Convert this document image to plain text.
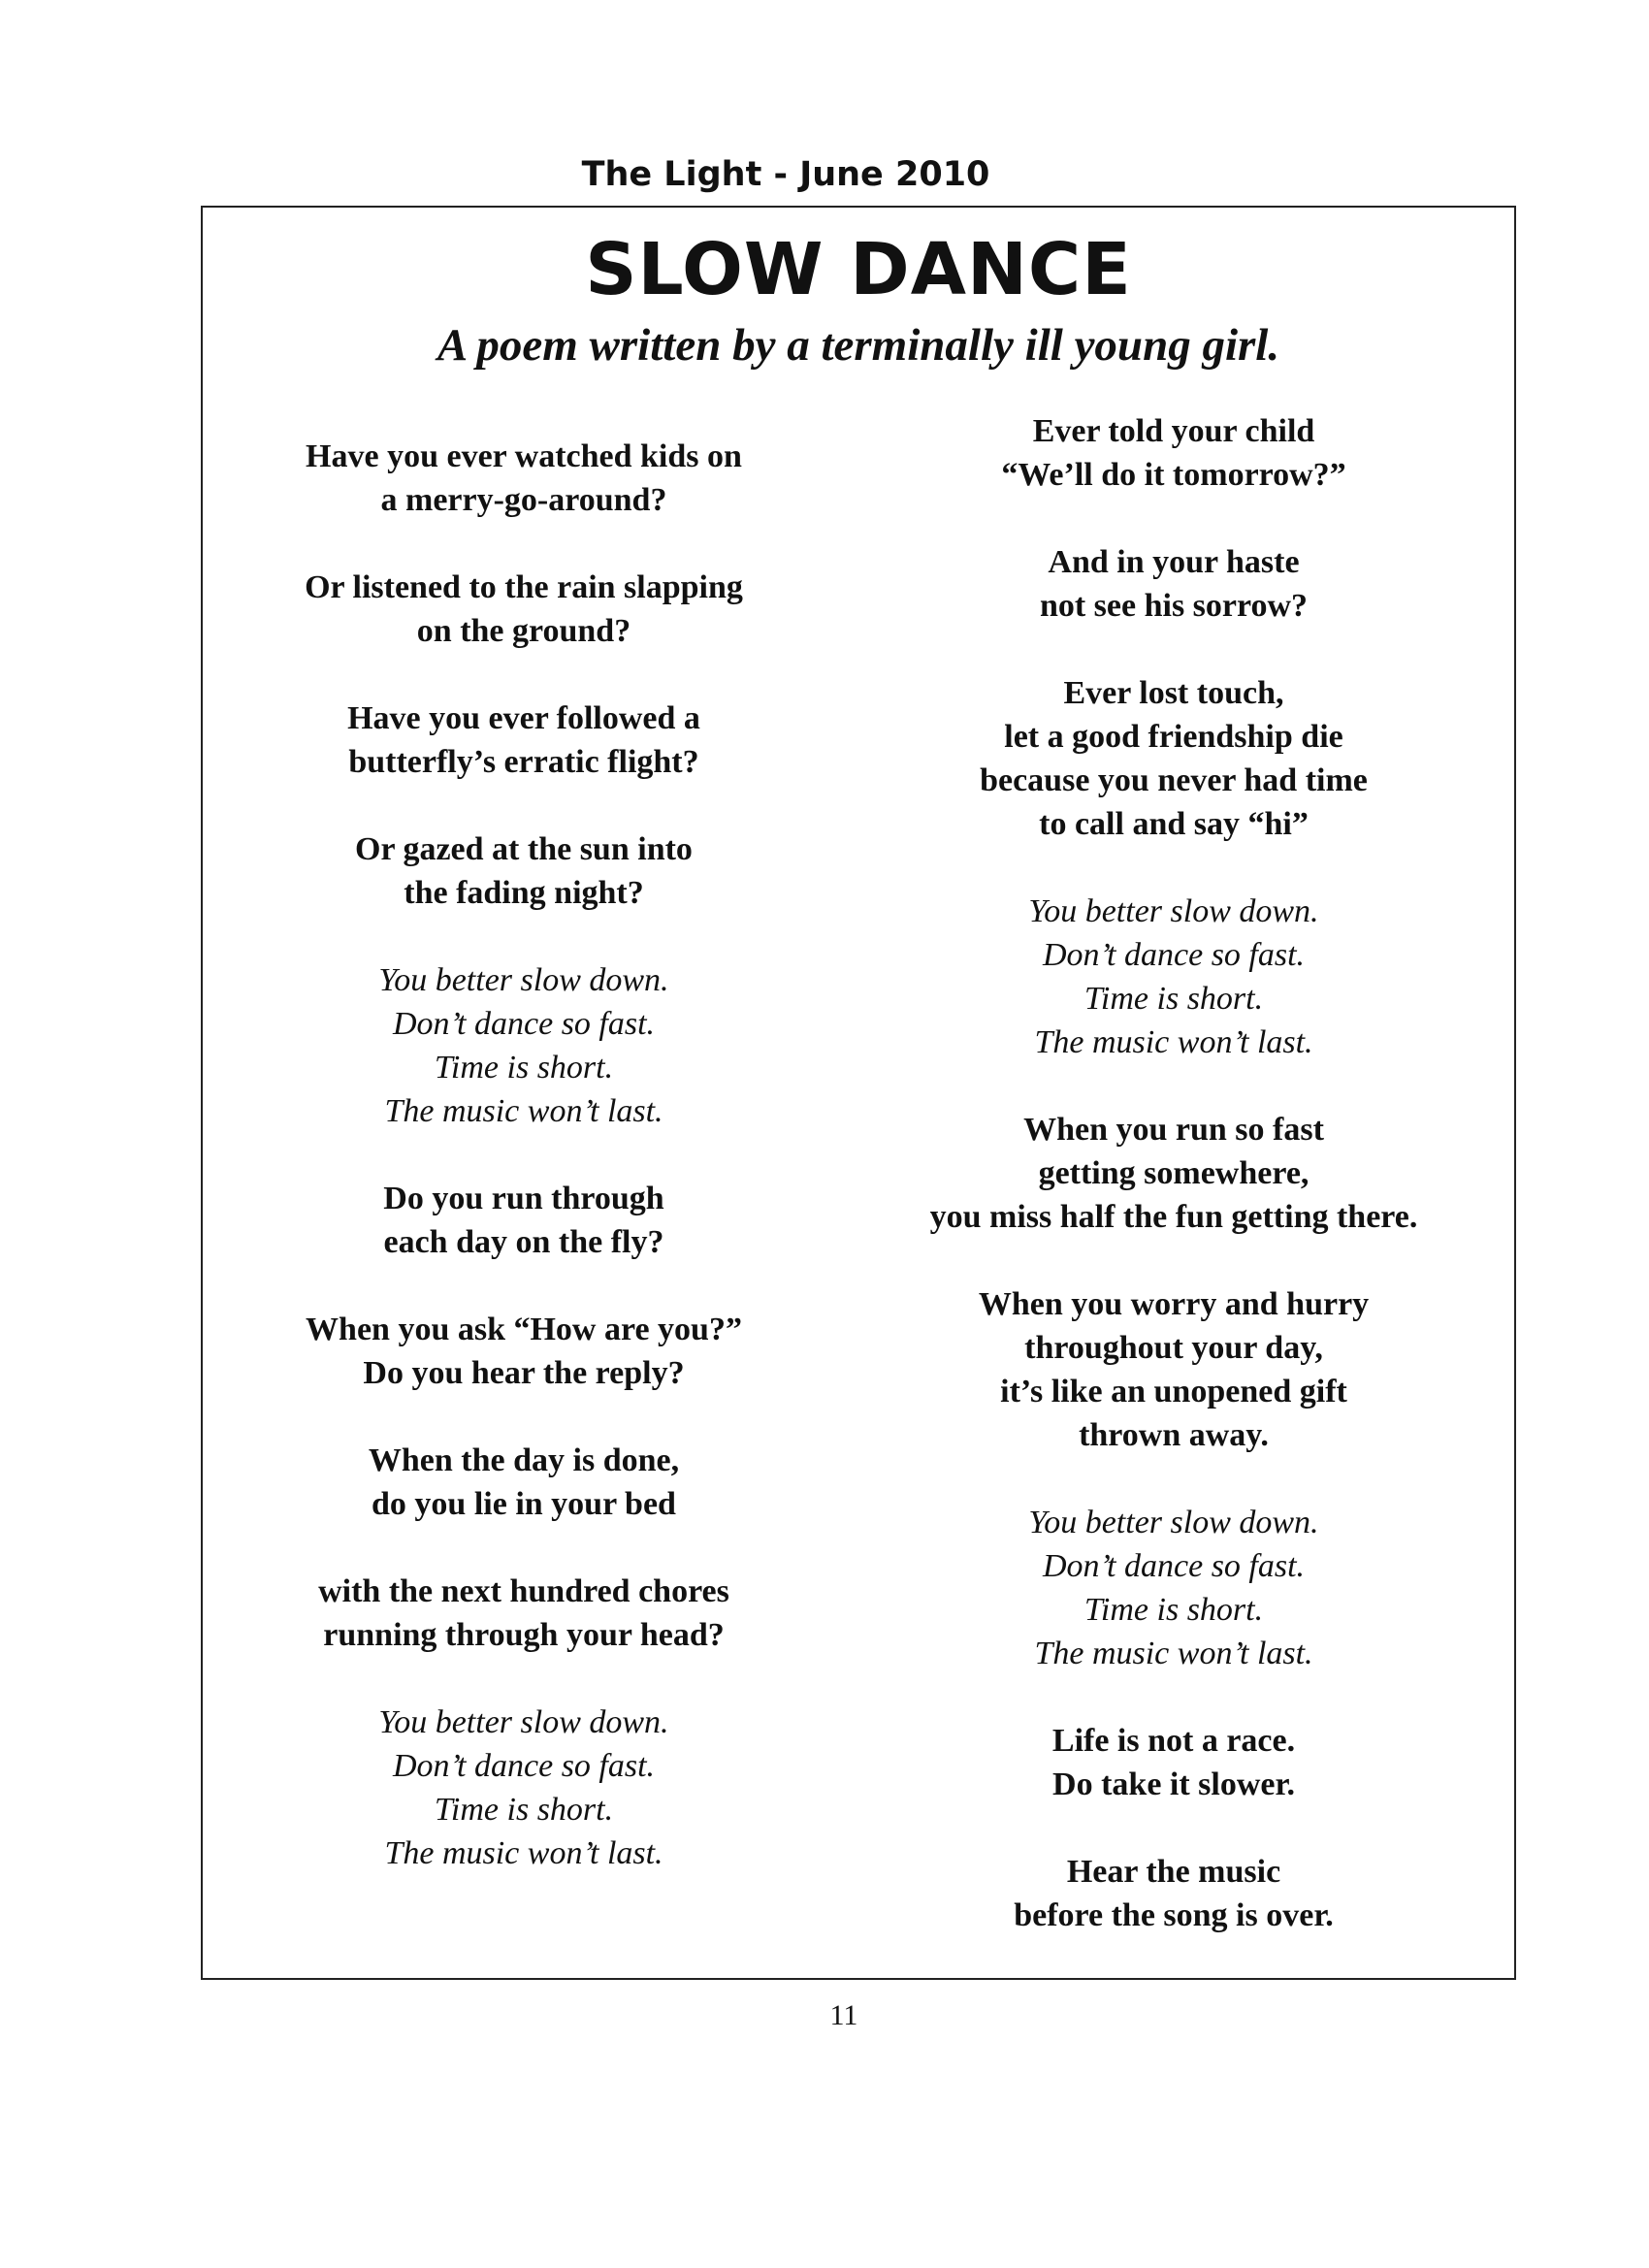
The Light - June 2010
SLOW DANCE
A poem written by a terminally ill young girl.
Have you ever watched kids on
a merry-go-around?
Or listened to the rain slapping
on the ground?
Have you ever followed a
butterfly’s erratic flight?
Or gazed at the sun into
the fading night?
You better slow down.
Don’t dance so fast.
Time is short.
The music won’t last.
Do you run through
each day on the fly?
When you ask “How are you?”
Do you hear the reply?
When the day is done,
do you lie in your bed
with the next hundred chores
running through your head?
You better slow down.
Don’t dance so fast.
Time is short.
The music won’t last.
Ever told your child
“We’ll do it tomorrow?”
And in your haste
not see his sorrow?
Ever lost touch,
let a good friendship die
because you never had time
to call and say “hi”
You better slow down.
Don’t dance so fast.
Time is short.
The music won’t last.
When you run so fast
getting somewhere,
you miss half the fun getting there.
When you worry and hurry
throughout your day,
it’s like an unopened gift
thrown away.
You better slow down.
Don’t dance so fast.
Time is short.
The music won’t last.
Life is not a race.
Do take it slower.
Hear the music
before the song is over.
11
